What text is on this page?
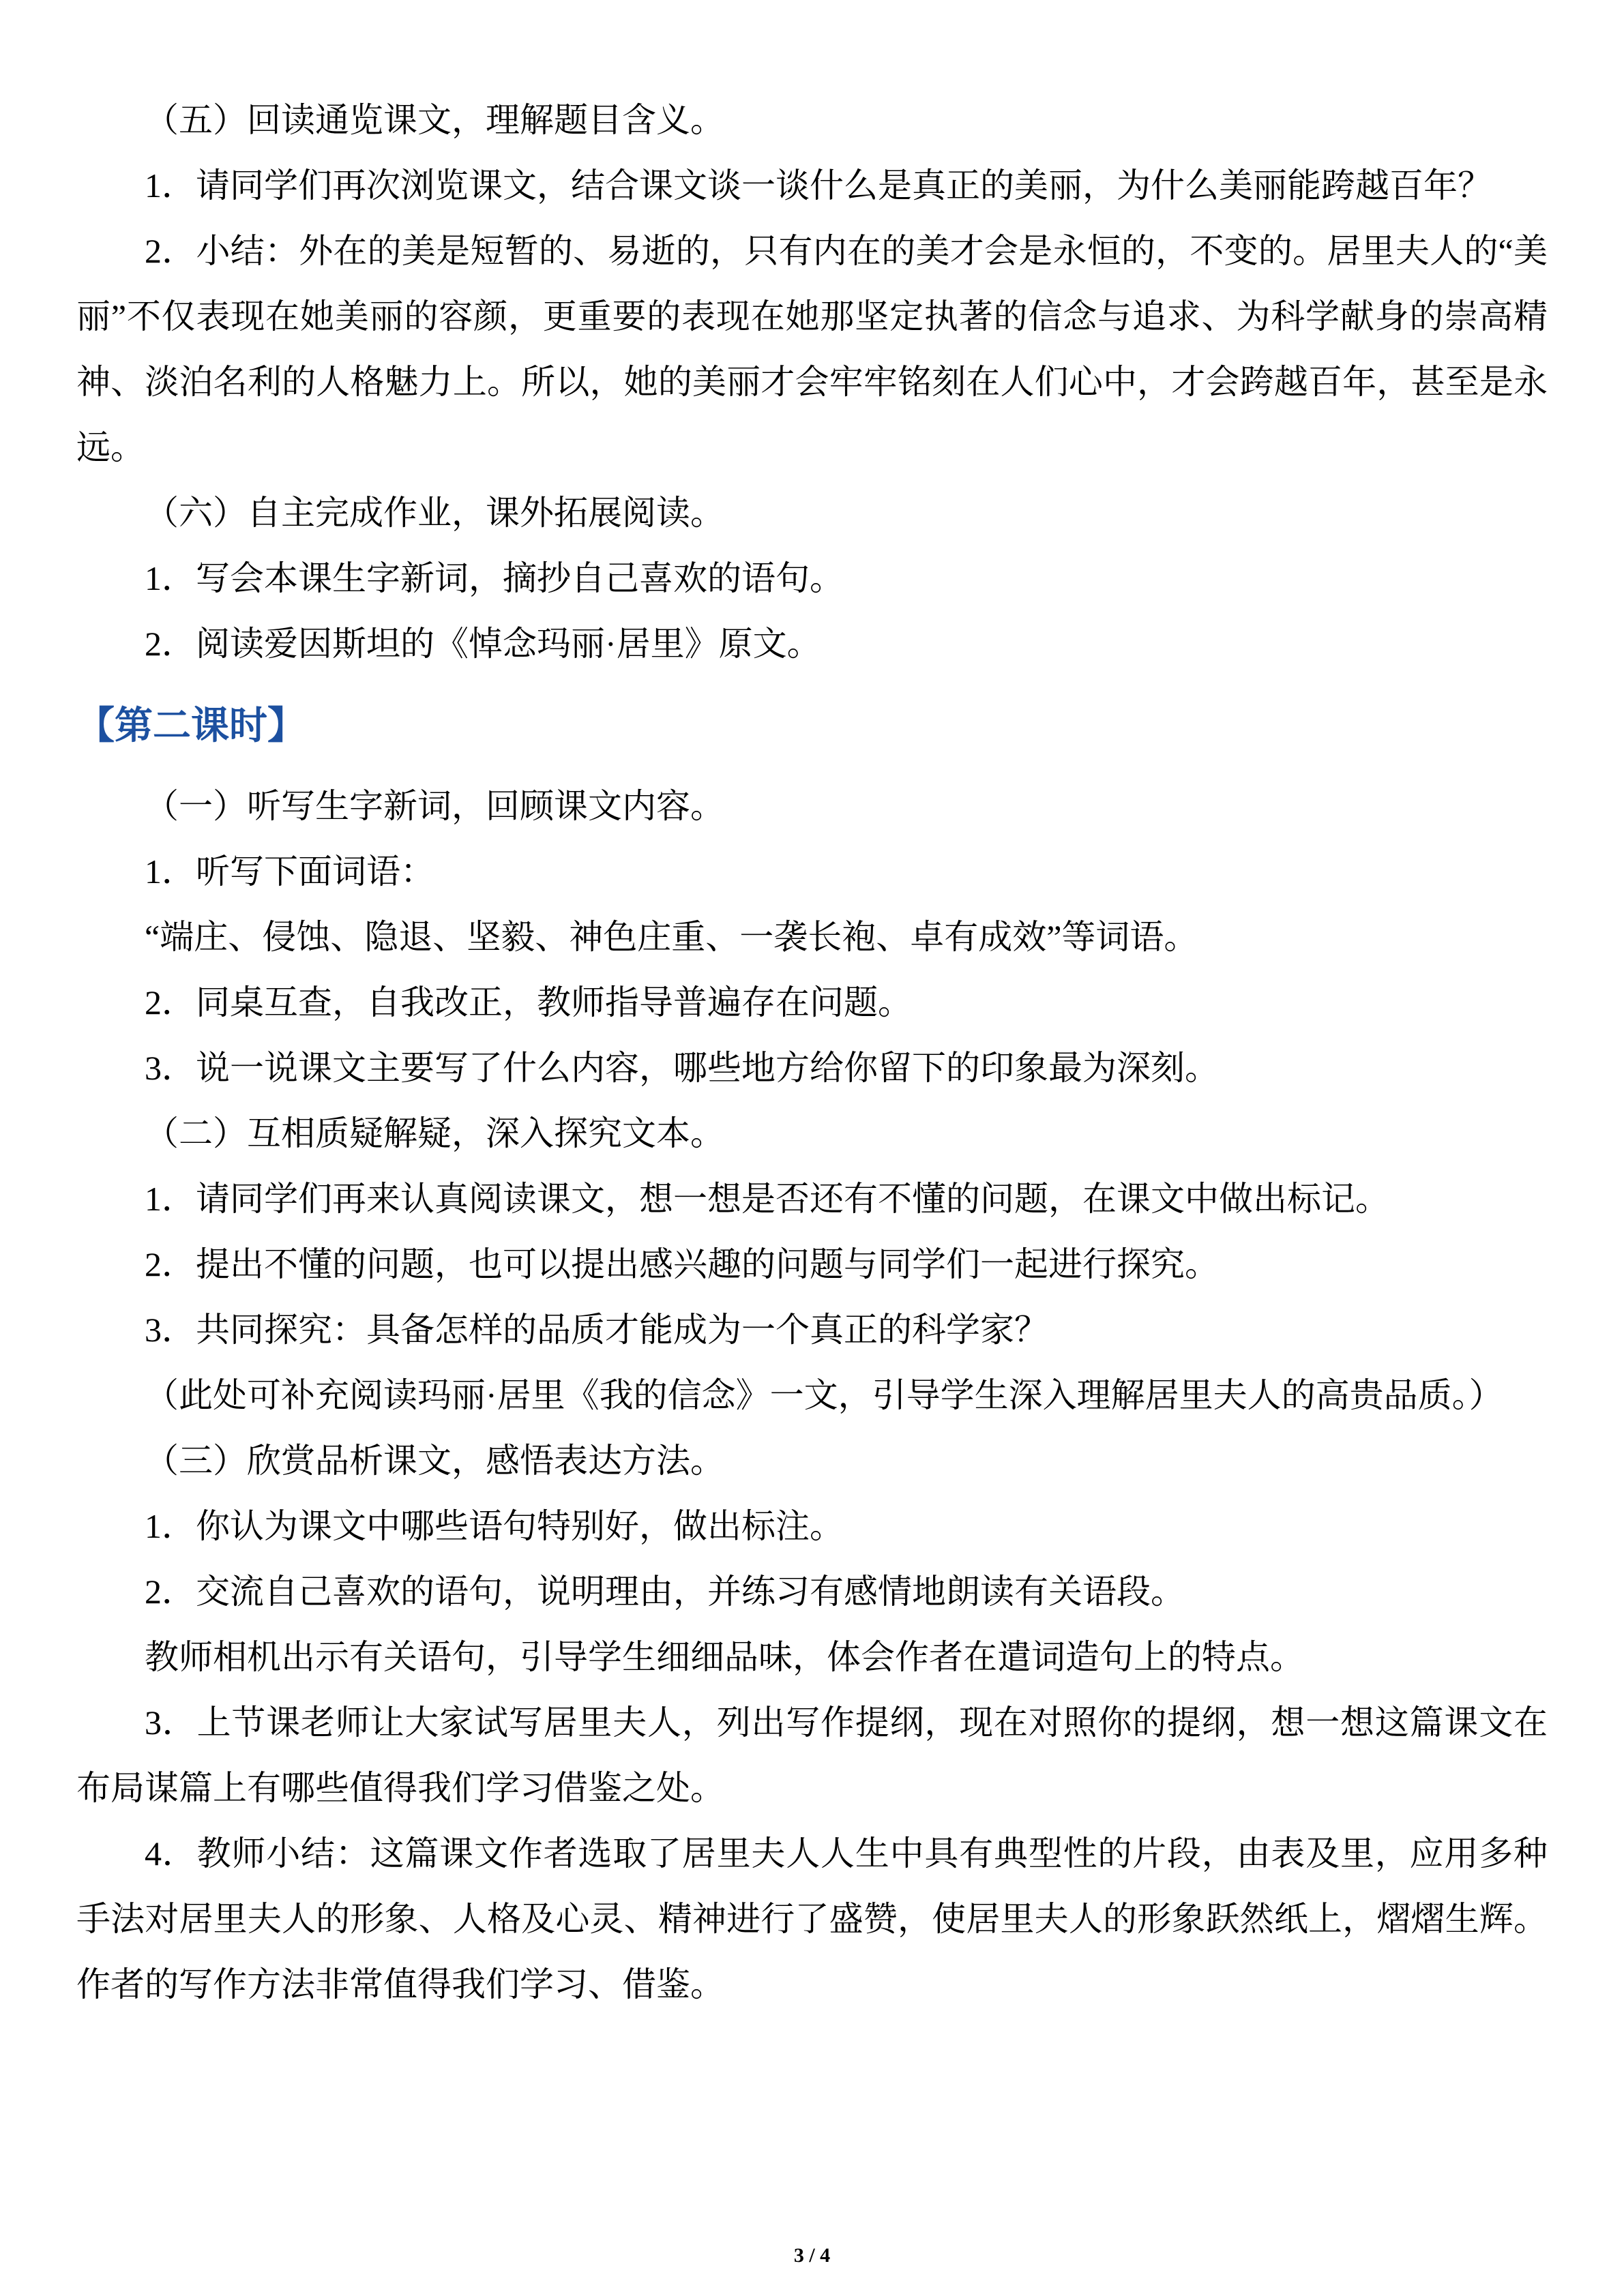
（五）回读通览课文，理解题目含义。

1．请同学们再次浏览课文，结合课文谈一谈什么是真正的美丽，为什么美丽能跨越百年？

2．小结：外在的美是短暂的、易逝的，只有内在的美才会是永恒的，不变的。居里夫人的“美丽”不仅表现在她美丽的容颜，更重要的表现在她那坚定执著的信念与追求、为科学献身的崇高精神、淡泊名利的人格魅力上。所以，她的美丽才会牢牢铭刻在人们心中，才会跨越百年，甚至是永远。

（六）自主完成作业，课外拓展阅读。

1．写会本课生字新词，摘抄自己喜欢的语句。

2．阅读爱因斯坦的《悼念玛丽·居里》原文。

【第二课时】

（一）听写生字新词，回顾课文内容。

1．听写下面词语：

“端庄、侵蚀、隐退、坚毅、神色庄重、一袭长袍、卓有成效”等词语。

2．同桌互查，自我改正，教师指导普遍存在问题。

3．说一说课文主要写了什么内容，哪些地方给你留下的印象最为深刻。

（二）互相质疑解疑，深入探究文本。

1．请同学们再来认真阅读课文，想一想是否还有不懂的问题，在课文中做出标记。

2．提出不懂的问题，也可以提出感兴趣的问题与同学们一起进行探究。

3．共同探究：具备怎样的品质才能成为一个真正的科学家？

（此处可补充阅读玛丽·居里《我的信念》一文，引导学生深入理解居里夫人的高贵品质。）

（三）欣赏品析课文，感悟表达方法。

1．你认为课文中哪些语句特别好，做出标注。

2．交流自己喜欢的语句，说明理由，并练习有感情地朗读有关语段。

教师相机出示有关语句，引导学生细细品味，体会作者在遣词造句上的特点。

3．上节课老师让大家试写居里夫人，列出写作提纲，现在对照你的提纲，想一想这篇课文在布局谋篇上有哪些值得我们学习借鉴之处。

4．教师小结：这篇课文作者选取了居里夫人人生中具有典型性的片段，由表及里，应用多种手法对居里夫人的形象、人格及心灵、精神进行了盛赞，使居里夫人的形象跃然纸上，熠熠生辉。作者的写作方法非常值得我们学习、借鉴。

3 / 4
